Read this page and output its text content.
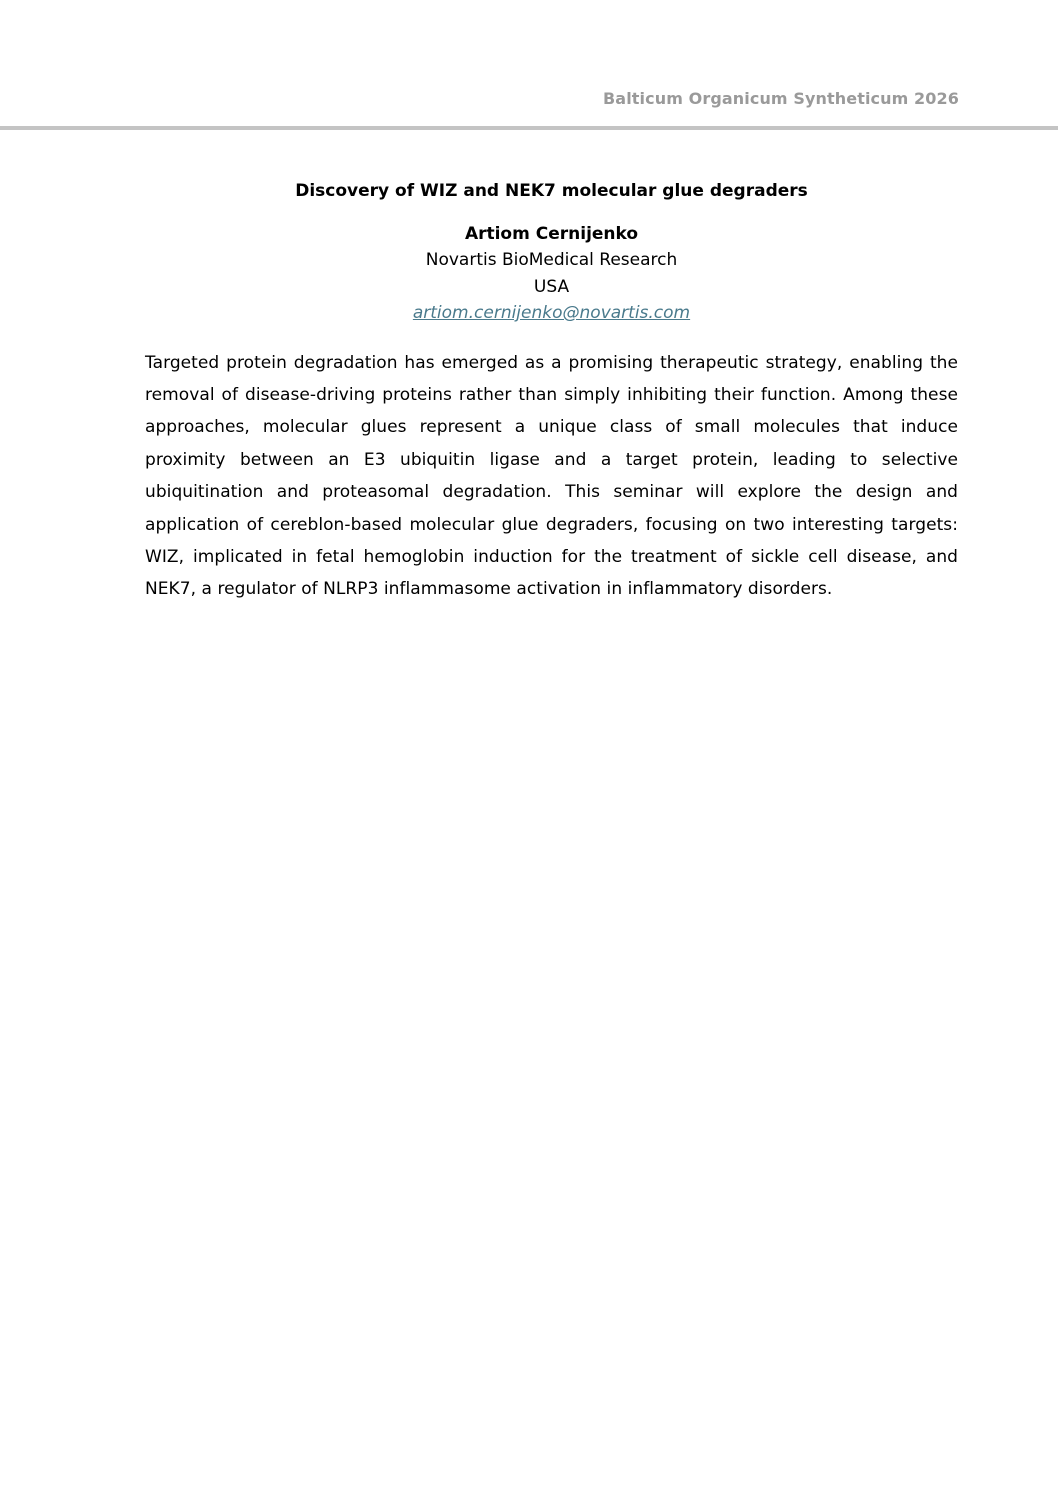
Balticum Organicum Syntheticum 2026
Discovery of WIZ and NEK7 molecular glue degraders
Artiom Cernijenko
Novartis BioMedical Research
USA
artiom.cernijenko@novartis.com

Targeted protein degradation has emerged as a promising therapeutic strategy, enabling the removal of disease-driving proteins rather than simply inhibiting their function. Among these approaches, molecular glues represent a unique class of small molecules that induce proximity between an E3 ubiquitin ligase and a target protein, leading to selective ubiquitination and proteasomal degradation. This seminar will explore the design and application of cereblon-based molecular glue degraders, focusing on two interesting targets: WIZ, implicated in fetal hemoglobin induction for the treatment of sickle cell disease, and NEK7, a regulator of NLRP3 inflammasome activation in inflammatory disorders.
